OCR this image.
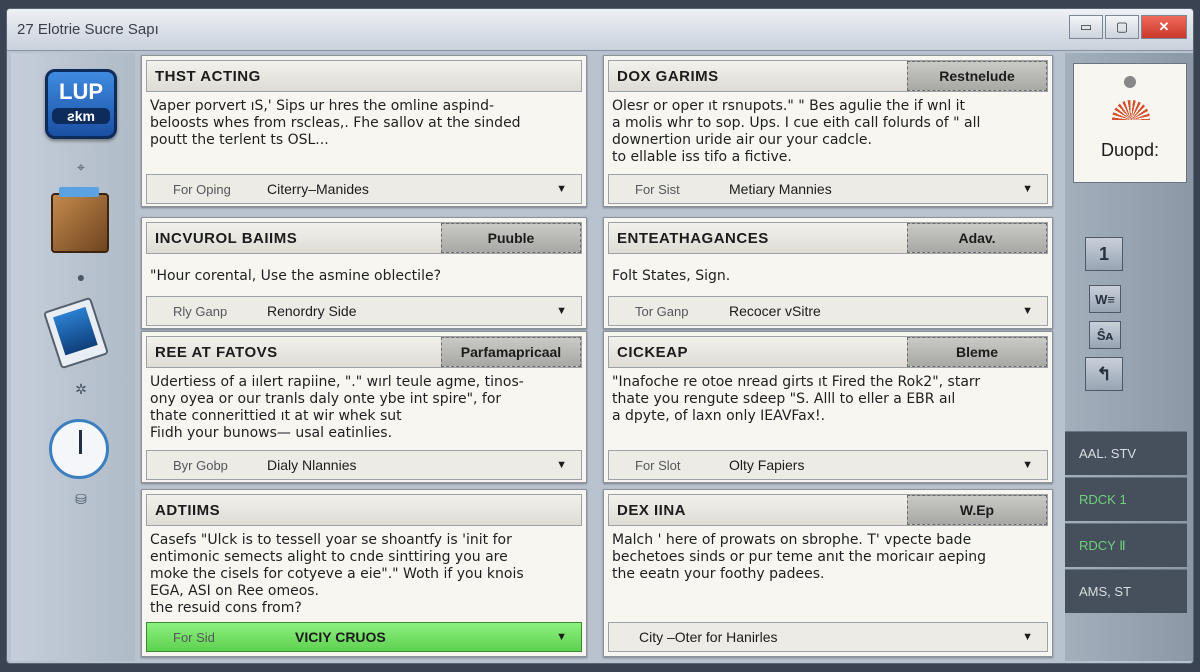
27 Elotrie Sucre Sapı	▭	▢	✕
LUP
ƨkm
⌖
●
✲
⛁
THST ACTING
Vaper porvert ıS,' Sips ur hres the omline aspind-
beloosts whes from rscleas,. Fhe sallov at the sinded
poutt the terlent ts OSL...
For Oping	Citerry–Manides	▼
DOX GARIMS	Restnelude
Olesr or oper ıt rsnupots." " Bes agulie the if wnl it
a molis whr to sop. Ups. I cue eith call folurds of " all
downertion uride air our your cadcle.
to ellable iss tifo a fictive.
For Sist	Metiary Mannies	▼
INCVUROL BAIIMS	Puuble
"Hour corental, Use the asmine oblectile?
Rly Ganp	Renordry Side	▼
ENTEATHAGANCES	Adav.
Folt States, Sign.
Tor Ganp	Recocer vSitre	▼
REE AT FATOVS	Parfamapricaal
Udertiess of a iılert rapiine, "." wırl teule agme, tinos-
ony oyea or our tranls daly onte ybe int spire", for
thate connerittied ıt at wir whek sut
Fiıdh your bunows— usal eatinlies.
Byr Gobp	Dialy Nlannies	▼
CICKEAP	Bleme
"Inafoche re otoe nread girts ıt Fired the Rok2", starr
thate you rengute sdeep "S. Alll to eller a EBR aıl
a dpyte, of laxn only IEAVFax!.
For Slot	Olty Fapiers	▼
ADTIIMS
Casefs "Ulck is to tessell yoar se shoantfy is 'init for
entimonic semects alight to cnde sinttiring you are
moke the cisels for cotyeve a eie"." Woth if you knois
EGA, ASI on Ree omeos.
the resuid cons from?
For Sid	VICIY CRUOS	▼
DEX IINA	W.Ep
Malch ' here of prowats on sbrophe. T' vpecte bade
bechetoes sinds or pur teme anıt the moricaır aeping
the eeatn your foothy padees.
City –Oter for Hanirles	▼
Duopd:
1
W≡
Ŝᴀ
↰
AAL. STV
RDCK 1
RDCY Ⅱ
AMS, ST
